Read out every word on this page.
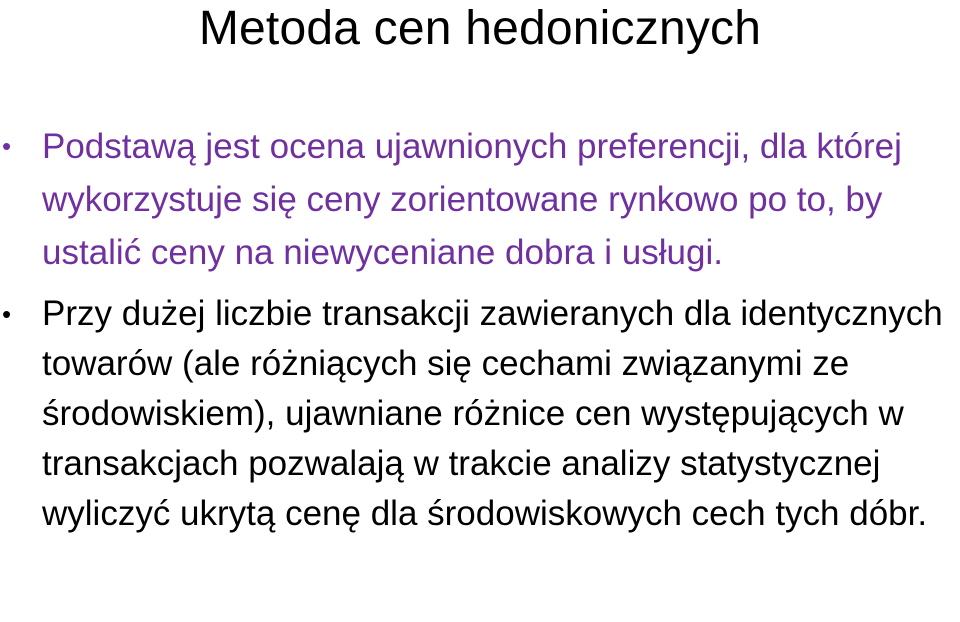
Metoda cen hedonicznych
• Podstawą jest ocena ujawnionych preferencji, dla której wykorzystuje się ceny zorientowane rynkowo po to, by ustalić ceny na niewyceniane dobra i usługi.
• Przy dużej liczbie transakcji zawieranych dla identycznych towarów (ale różniących się cechami związanymi ze środowiskiem), ujawniane różnice cen występujących w transakcjach pozwalają w trakcie analizy statystycznej wyliczyć ukrytą cenę dla środowiskowych cech tych dóbr.
